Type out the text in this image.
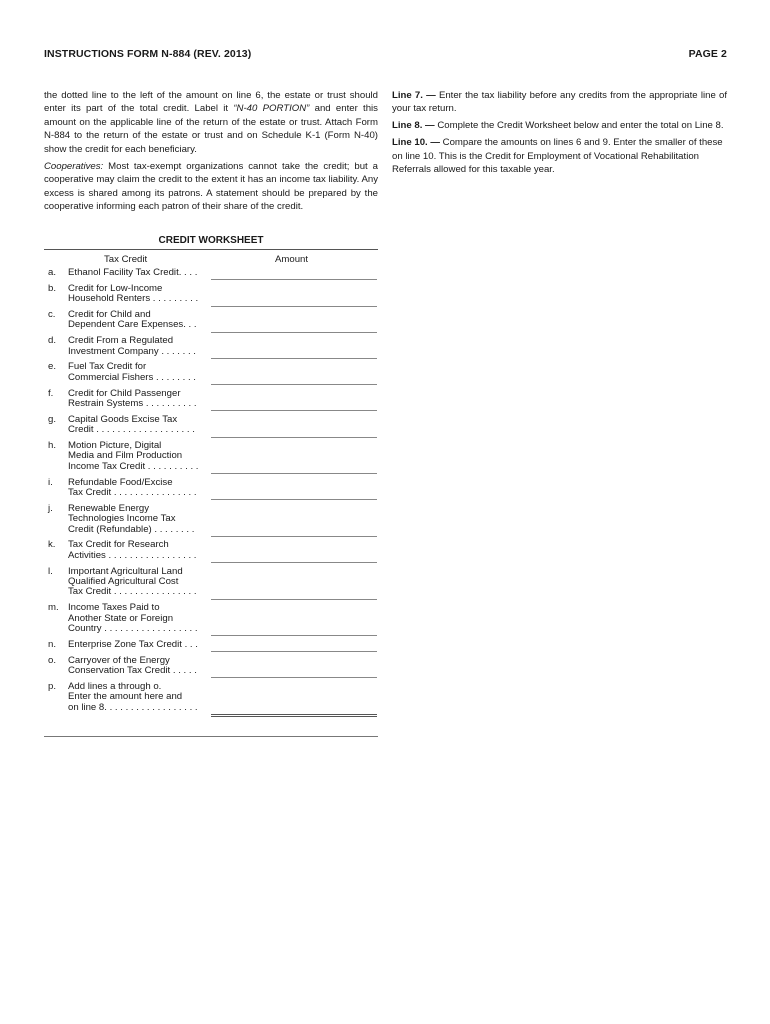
INSTRUCTIONS FORM N-884 (REV. 2013)	PAGE 2

the dotted line to the left of the amount on line 6, the estate or trust should enter its part of the total credit. Label it “N-40 PORTION” and enter this amount on the applicable line of the return of the estate or trust. Attach Form N-884 to the return of the estate or trust and on Schedule K-1 (Form N-40) show the credit for each beneficiary.

Cooperatives: Most tax-exempt organizations cannot take the credit; but a cooperative may claim the credit to the extent it has an income tax liability. Any excess is shared among its patrons. A statement should be prepared by the cooperative informing each patron of their share of the credit.

Line 7. — Enter the tax liability before any credits from the appropriate line of your tax return.

Line 8. — Complete the Credit Worksheet below and enter the total on Line 8.

Line 10. — Compare the amounts on lines 6 and 9. Enter the smaller of these on line 10. This is the Credit for Employment of Vocational Rehabilitation Referrals allowed for this taxable year.

CREDIT WORKSHEET
Tax Credit	Amount
a. Ethanol Facility Tax Credit. . . .
b. Credit for Low-Income
Household Renters . . . . . . . . .
c. Credit for Child and
Dependent Care Expenses. . .
d. Credit From a Regulated
Investment Company . . . . . . .
e. Fuel Tax Credit for
Commercial Fishers . . . . . . . .
f. Credit for Child Passenger
Restrain Systems . . . . . . . . . .
g. Capital Goods Excise Tax
Credit . . . . . . . . . . . . . . . . . . .
h. Motion Picture, Digital
Media and Film Production
Income Tax Credit . . . . . . . . . .
i. Refundable Food/Excise
Tax Credit . . . . . . . . . . . . . . . .
j. Renewable Energy
Technologies Income Tax
Credit (Refundable) . . . . . . . .
k. Tax Credit for Research
Activities . . . . . . . . . . . . . . . . .
l. Important Agricultural Land
Qualified Agricultural Cost
Tax Credit . . . . . . . . . . . . . . . .
m. Income Taxes Paid to
Another State or Foreign
Country . . . . . . . . . . . . . . . . . .
n. Enterprise Zone Tax Credit . . .
o. Carryover of the Energy
Conservation Tax Credit . . . . .
p. Add lines a through o.
Enter the amount here and
on line 8. . . . . . . . . . . . . . . . . .
